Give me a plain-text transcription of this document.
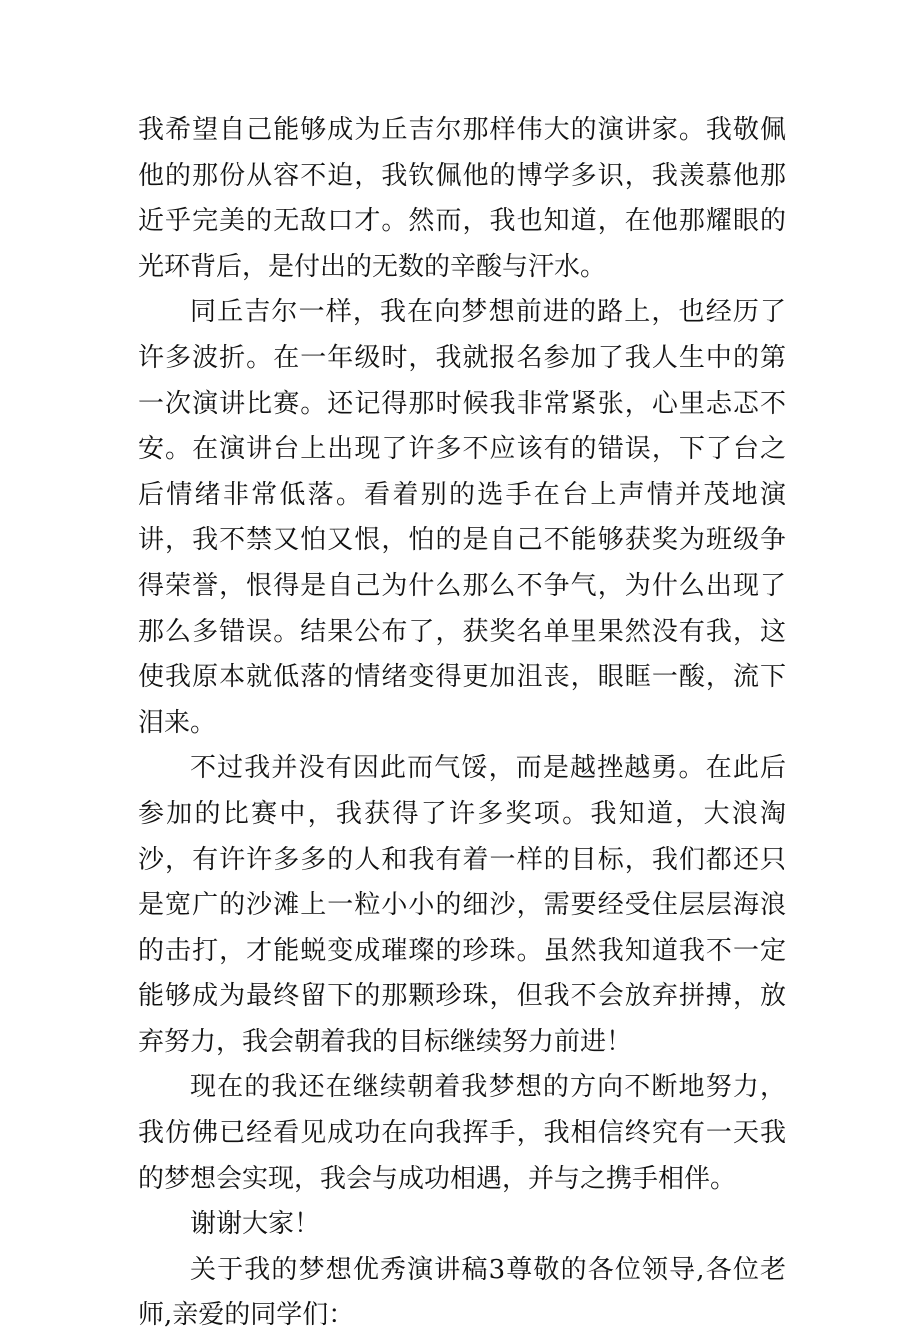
我希望自己能够成为丘吉尔那样伟大的演讲家。我敬佩他的那份从容不迫，我钦佩他的博学多识，我羡慕他那近乎完美的无敌口才。然而，我也知道，在他那耀眼的光环背后，是付出的无数的辛酸与汗水。

同丘吉尔一样，我在向梦想前进的路上，也经历了许多波折。在一年级时，我就报名参加了我人生中的第一次演讲比赛。还记得那时候我非常紧张，心里忐忑不安。在演讲台上出现了许多不应该有的错误，下了台之后情绪非常低落。看着别的选手在台上声情并茂地演讲，我不禁又怕又恨，怕的是自己不能够获奖为班级争得荣誉，恨得是自己为什么那么不争气，为什么出现了那么多错误。结果公布了，获奖名单里果然没有我，这使我原本就低落的情绪变得更加沮丧，眼眶一酸，流下泪来。

不过我并没有因此而气馁，而是越挫越勇。在此后参加的比赛中，我获得了许多奖项。我知道，大浪淘沙，有许许多多的人和我有着一样的目标，我们都还只是宽广的沙滩上一粒小小的细沙，需要经受住层层海浪的击打，才能蜕变成璀璨的珍珠。虽然我知道我不一定能够成为最终留下的那颗珍珠，但我不会放弃拼搏，放弃努力，我会朝着我的目标继续努力前进！

现在的我还在继续朝着我梦想的方向不断地努力，我仿佛已经看见成功在向我挥手，我相信终究有一天我的梦想会实现，我会与成功相遇，并与之携手相伴。

谢谢大家！

关于我的梦想优秀演讲稿3尊敬的各位领导,各位老师,亲爱的同学们：
